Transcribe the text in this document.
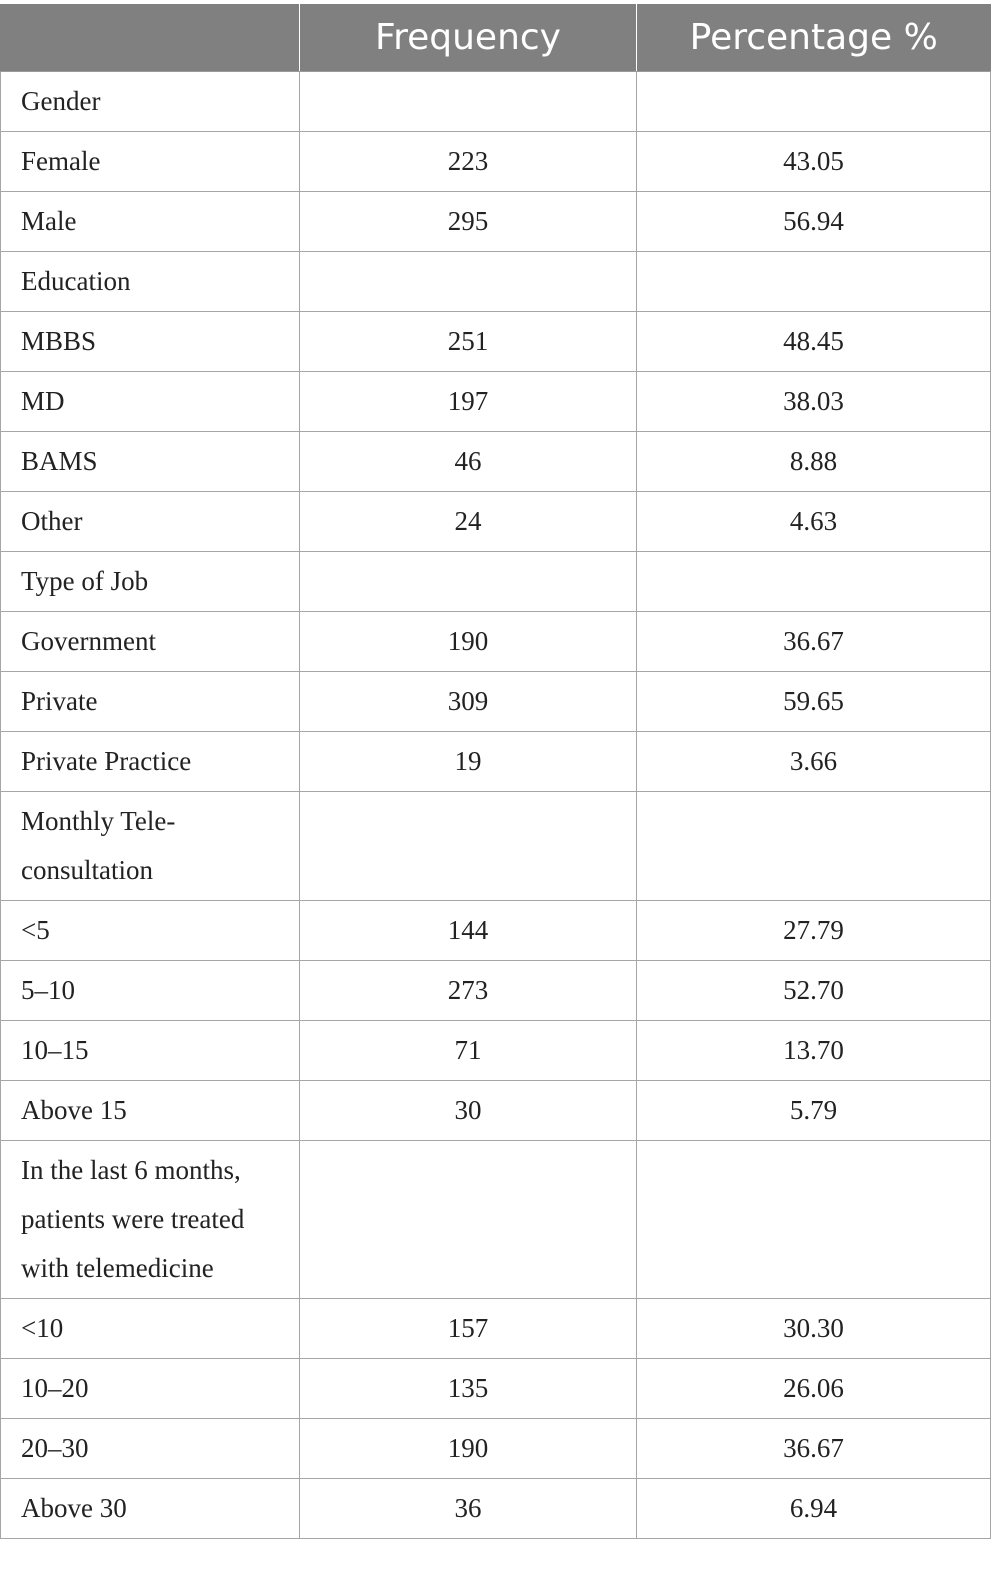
	Frequency	Percentage %
Gender		
Female	223	43.05
Male	295	56.94
Education		
MBBS	251	48.45
MD	197	38.03
BAMS	46	8.88
Other	24	4.63
Type of Job		
Government	190	36.67
Private	309	59.65
Private Practice	19	3.66
Monthly Tele-consultation		
<5	144	27.79
5–10	273	52.70
10–15	71	13.70
Above 15	30	5.79
In the last 6 months, patients were treated with telemedicine		
<10	157	30.30
10–20	135	26.06
20–30	190	36.67
Above 30	36	6.94
